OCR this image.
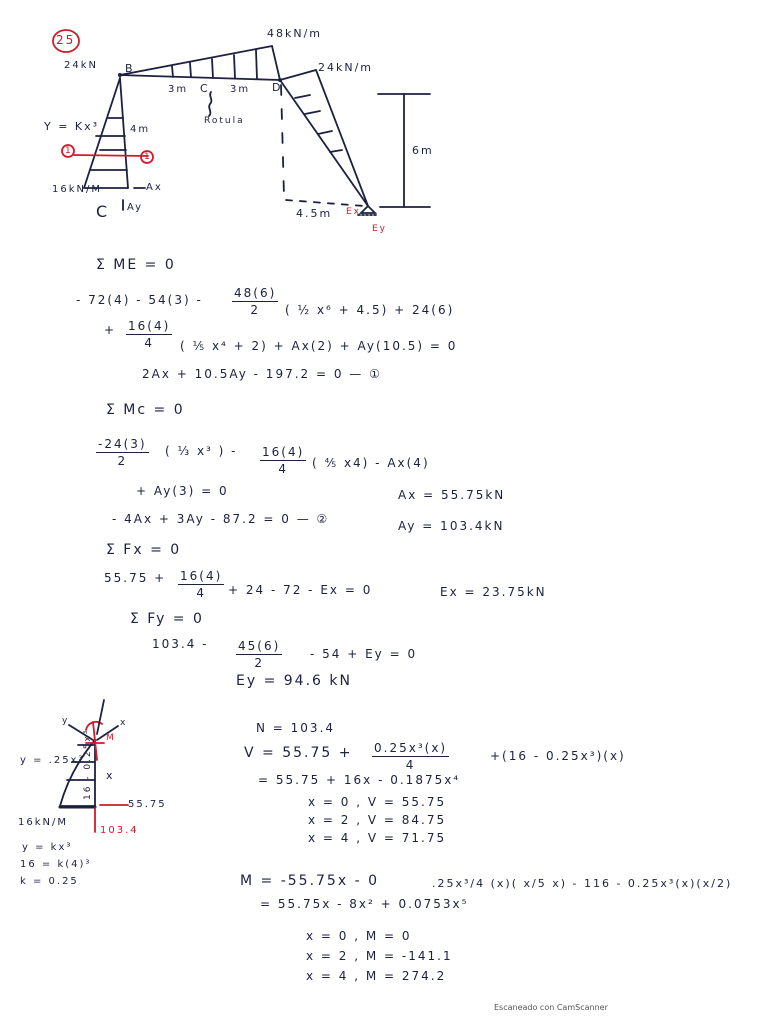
25	48kN/m
24kN/m
24kN B
C	D
3m	3m
Rotula
Y = Kx³	4m
1
1
16kN/M
C
Ax
Ay
6m
4.5m Ex
Ey
Σ ME = 0
- $72(4) - 54(3) - \frac{48(6)}{2}$ ( ½ x⁶ + 4.5) + 24(6)
+ $\frac{16(4)}{4}$ ( ⅕ x⁴ + 2) + Ax(2) + Ay(10.5) = 0
2Ax + 10.5Ay - 197.2 = 0 — ①
Σ Mc = 0
$\frac{-24(3)}{2}$ ( ⅓ x³ ) - $\frac{16(4)}{4}$ ( ⅘ x4) - Ax(4)
+ Ay(3) = 0	Ax = 55.75kN
- 4Ax + 3Ay - 87.2 = 0 — ②	Ay = 103.4kN
Σ Fx = 0
$55.75 + \frac{16(4)}{4} + 24 - 72 - Ex = 0$	Ex = 23.75kN
Σ Fy = 0
$103.4 - \frac{45(6)}{2} - 54 + Ey = 0$
Ey = 94.6 kN
y = .25x³
16 - 0.25x³ x
55.75
103.4
16kN/M
y	x
M
y = kx³
16 = k(4)³
k = 0.25
N = 103.4
$V = 55.75 + \frac{\text{0.25x³(x)}}{4}$	+(16 - 0.25x³)(x)
= 55.75 + 16x - 0.1875x⁴
x = 0 , V = 55.75
x = 2 , V = 84.75
x = 4 , V = 71.75
M = -55.75x - 0	.25x³/4 (x)( x/5 x) - 116 - 0.25x³(x)(x/2)
= 55.75x - 8x² + 0.0753x⁵
x = 0 , M = 0
x = 2 , M = -141.1
x = 4 , M = 274.2
Escaneado con CamScanner
